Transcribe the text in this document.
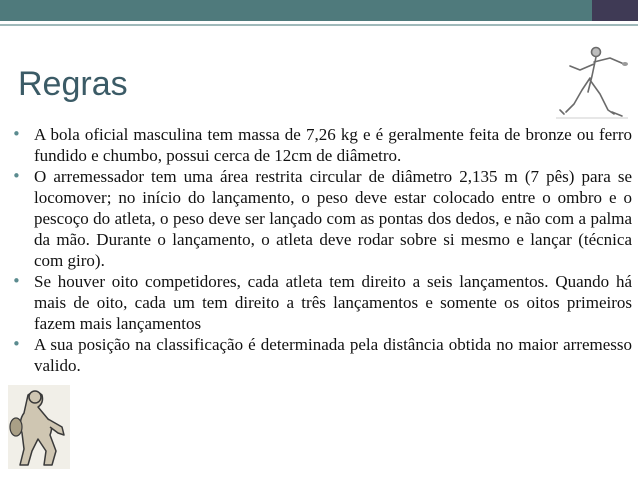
Regras
• A bola oficial masculina tem massa de 7,26 kg e é geralmente feita de bronze ou ferro fundido e chumbo, possui cerca de 12cm de diâmetro.
• O arremessador tem uma área restrita circular de diâmetro 2,135 m (7 pês) para se locomover; no início do lançamento, o peso deve estar colocado entre o ombro e o pescoço do atleta, o peso deve ser lançado com as pontas dos dedos, e não com a palma da mão. Durante o lançamento, o atleta deve rodar sobre si mesmo e lançar (técnica com giro).
• Se houver oito competidores, cada atleta tem direito a seis lançamentos. Quando há mais de oito, cada um tem direito a três lançamentos e somente os oitos primeiros fazem mais lançamentos
• A sua posição na classificação é determinada pela distância obtida no maior arremesso valido.
